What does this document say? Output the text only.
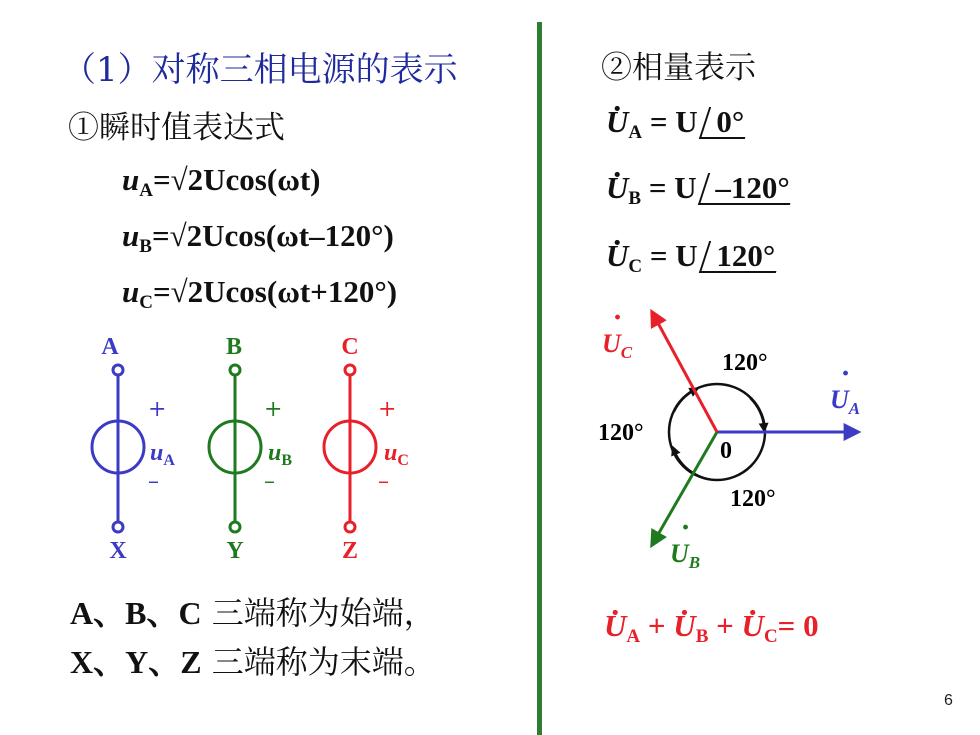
（1）对称三相电源的表示
①瞬时值表达式
$u_A=√2Ucos(\omega t)$
$u_B=√2Ucos(\omega t-120^\circ)$
$u_C=√2Ucos(\omega t+120^\circ)$
A
X
+
$u_A$
–
B
Y
+
$u_B$
–
C
Z
+
$u_C$
–
A、B、C 三端称为始端，
X、Y、Z 三端称为末端。
②相量表示
· $U_A = U$ 0°
· $U_B = U$ –120°
· $U_C = U$ 120°
0
120°
120°
120°
$U_A$
·
$U_B$
·
$U_C$
·
· $U_A$ + · $U_B$ + · $U_C= 0$
6
